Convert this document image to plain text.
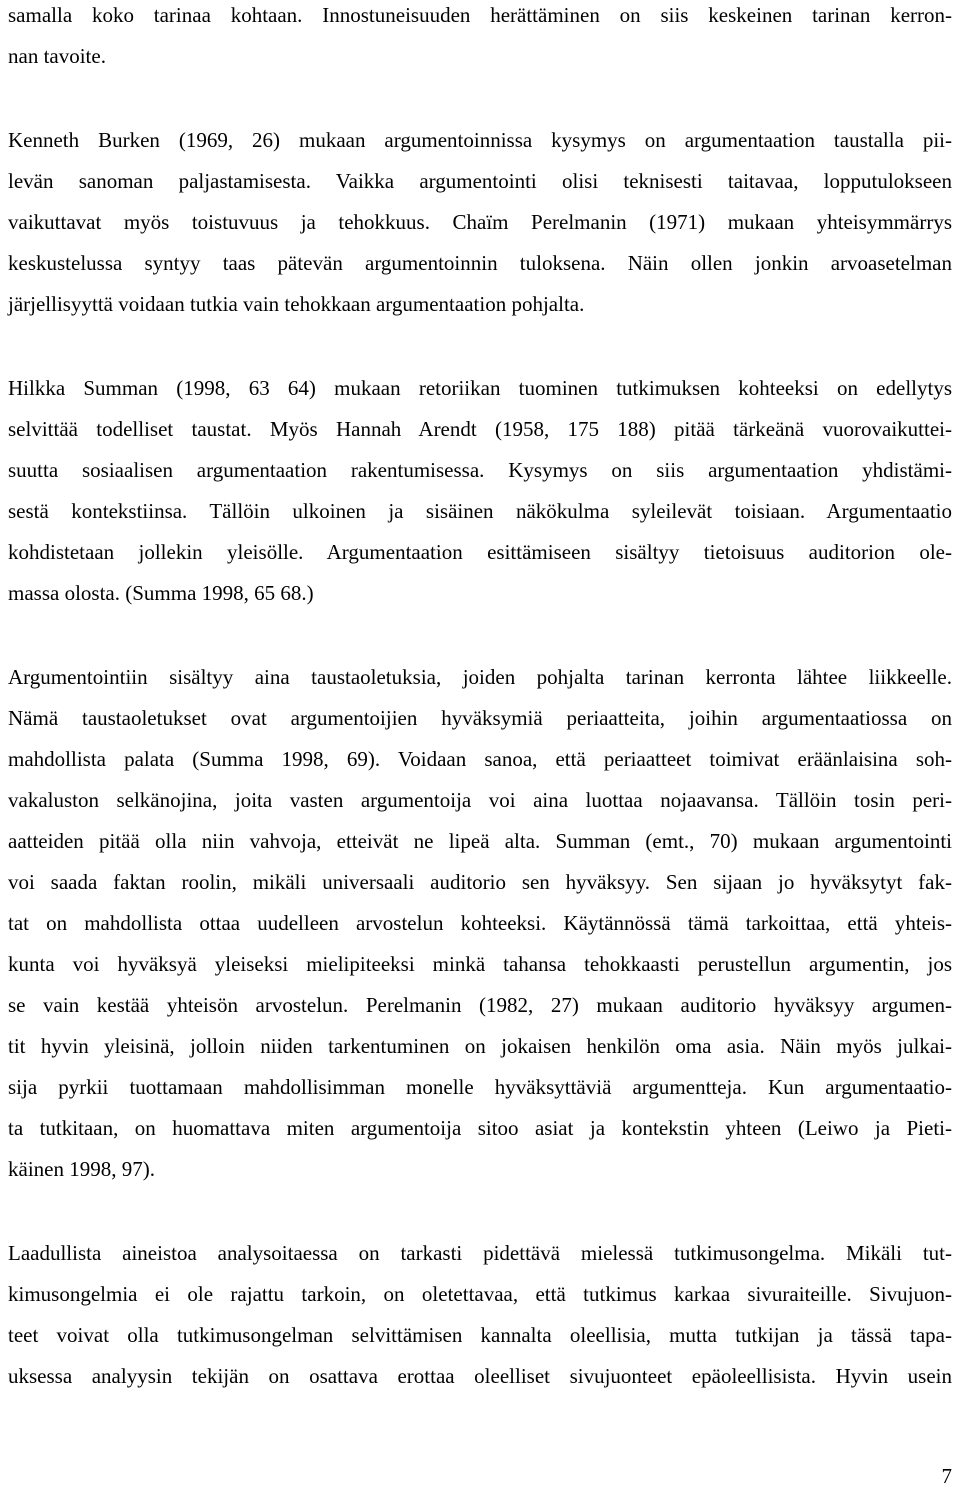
samalla koko tarinaa kohtaan. Innostuneisuuden herättäminen on siis keskeinen tarinan kerron-
nan tavoite.
Kenneth Burken (1969, 26) mukaan argumentoinnissa kysymys on argumentaation taustalla pii-
levän sanoman paljastamisesta. Vaikka argumentointi olisi teknisesti taitavaa, lopputulokseen
vaikuttavat myös toistuvuus ja tehokkuus. Chaïm Perelmanin (1971) mukaan yhteisymmärrys
keskustelussa syntyy taas pätevän argumentoinnin tuloksena. Näin ollen jonkin arvoasetelman
järjellisyyttä voidaan tutkia vain tehokkaan argumentaation pohjalta.
Hilkka Summan (1998, 63 64) mukaan retoriikan tuominen tutkimuksen kohteeksi on edellytys
selvittää todelliset taustat. Myös Hannah Arendt (1958, 175 188) pitää tärkeänä vuorovaikuttei-
suutta sosiaalisen argumentaation rakentumisessa. Kysymys on siis argumentaation yhdistämi-
sestä kontekstiinsa. Tällöin ulkoinen ja sisäinen näkökulma syleilevät toisiaan. Argumentaatio
kohdistetaan jollekin yleisölle. Argumentaation esittämiseen sisältyy tietoisuus auditorion ole-
massa olosta. (Summa 1998, 65 68.)
Argumentointiin sisältyy aina taustaoletuksia, joiden pohjalta tarinan kerronta lähtee liikkeelle.
Nämä taustaoletukset ovat argumentoijien hyväksymiä periaatteita, joihin argumentaatiossa on
mahdollista palata (Summa 1998, 69). Voidaan sanoa, että periaatteet toimivat eräänlaisina soh-
vakaluston selkänojina, joita vasten argumentoija voi aina luottaa nojaavansa. Tällöin tosin peri-
aatteiden pitää olla niin vahvoja, etteivät ne lipeä alta. Summan (emt., 70) mukaan argumentointi
voi saada faktan roolin, mikäli universaali auditorio sen hyväksyy. Sen sijaan jo hyväksytyt fak-
tat on mahdollista ottaa uudelleen arvostelun kohteeksi. Käytännössä tämä tarkoittaa, että yhteis-
kunta voi hyväksyä yleiseksi mielipiteeksi minkä tahansa tehokkaasti perustellun argumentin, jos
se vain kestää yhteisön arvostelun. Perelmanin (1982, 27) mukaan auditorio hyväksyy argumen-
tit hyvin yleisinä, jolloin niiden tarkentuminen on jokaisen henkilön oma asia. Näin myös julkai-
sija pyrkii tuottamaan mahdollisimman monelle hyväksyttäviä argumentteja. Kun argumentaatio-
ta tutkitaan, on huomattava miten argumentoija sitoo asiat ja kontekstin yhteen (Leiwo ja Pieti-
käinen 1998, 97).
Laadullista aineistoa analysoitaessa on tarkasti pidettävä mielessä tutkimusongelma. Mikäli tut-
kimusongelmia ei ole rajattu tarkoin, on oletettavaa, että tutkimus karkaa sivuraiteille. Sivujuon-
teet voivat olla tutkimusongelman selvittämisen kannalta oleellisia, mutta tutkijan ja tässä tapa-
uksessa analyysin tekijän on osattava erottaa oleelliset sivujuonteet epäoleellisista. Hyvin usein
7
